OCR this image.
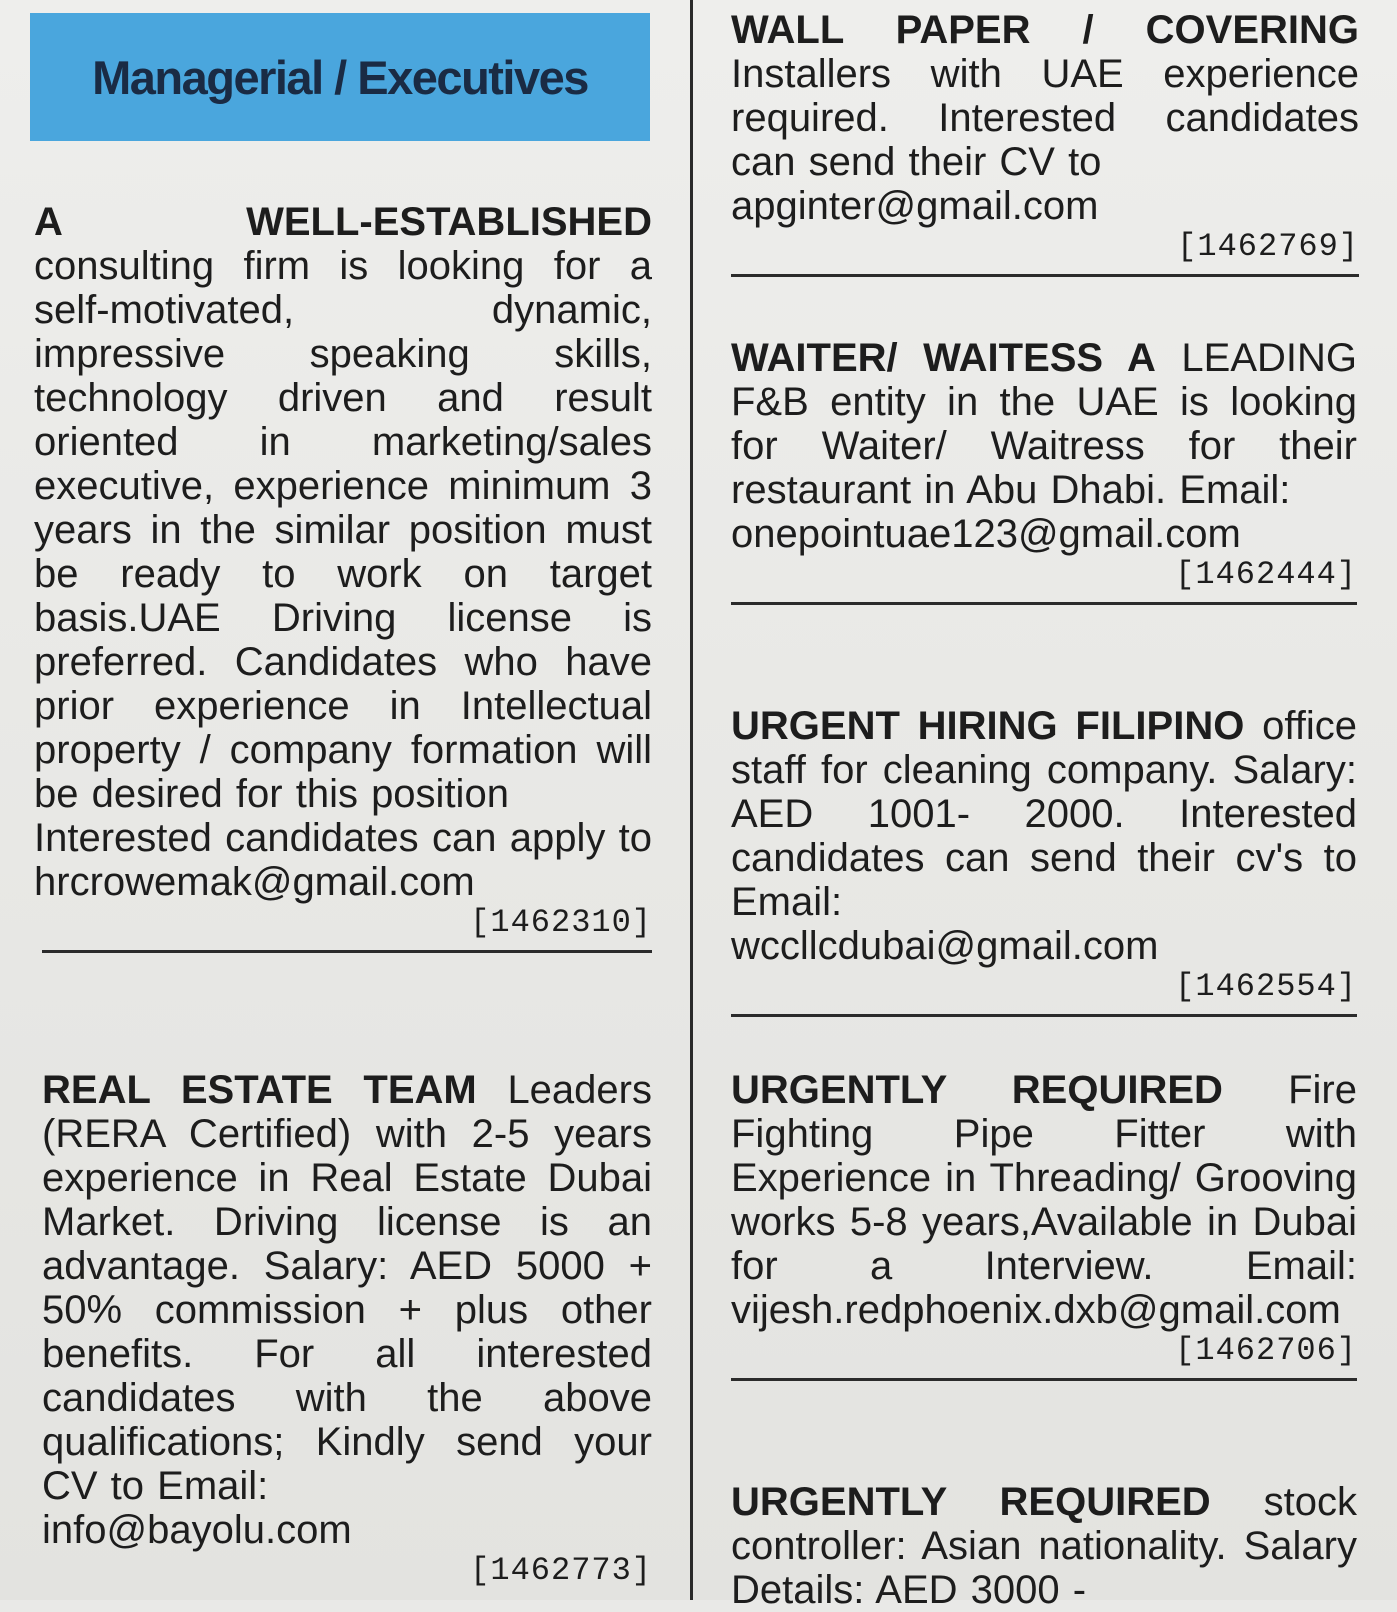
Managerial / Executives

A WELL-ESTABLISHED consulting firm is looking for a self-motivated, dynamic, impressive speaking skills, technology driven and result oriented in marketing/sales executive, experience minimum 3 years in the similar position must be ready to work on target basis.UAE Driving license is preferred. Candidates who have prior experience in Intellectual property / company formation will be desired for this position

Interested candidates can apply to

hrcrowemak@gmail.com

[1462310]

REAL ESTATE TEAM Leaders (RERA Certified) with 2-5 years experience in Real Estate Dubai Market. Driving license is an advantage. Salary: AED 5000 + 50% commission + plus other benefits. For all interested candidates with the above qualifications; Kindly send your CV to Email:

info@bayolu.com

[1462773]

WALL PAPER / COVERING Installers with UAE experience required. Interested candidates can send their CV to

apginter@gmail.com

[1462769]

WAITER/ WAITESS A LEADING F&B entity in the UAE is looking for Waiter/ Waitress for their restaurant in Abu Dhabi. Email:

onepointuae123@gmail.com

[1462444]

URGENT HIRING FILIPINO office staff for cleaning company. Salary: AED 1001- 2000. Interested candidates can send their cv's to Email:

wccllcdubai@gmail.com

[1462554]

URGENTLY REQUIRED Fire Fighting Pipe Fitter with Experience in Threading/ Grooving works 5-8 years,Available in Dubai for a Interview. Email: vijesh.redphoenix.dxb@gmail.com

[1462706]

URGENTLY REQUIRED stock controller: Asian nationality. Salary Details: AED 3000 -
